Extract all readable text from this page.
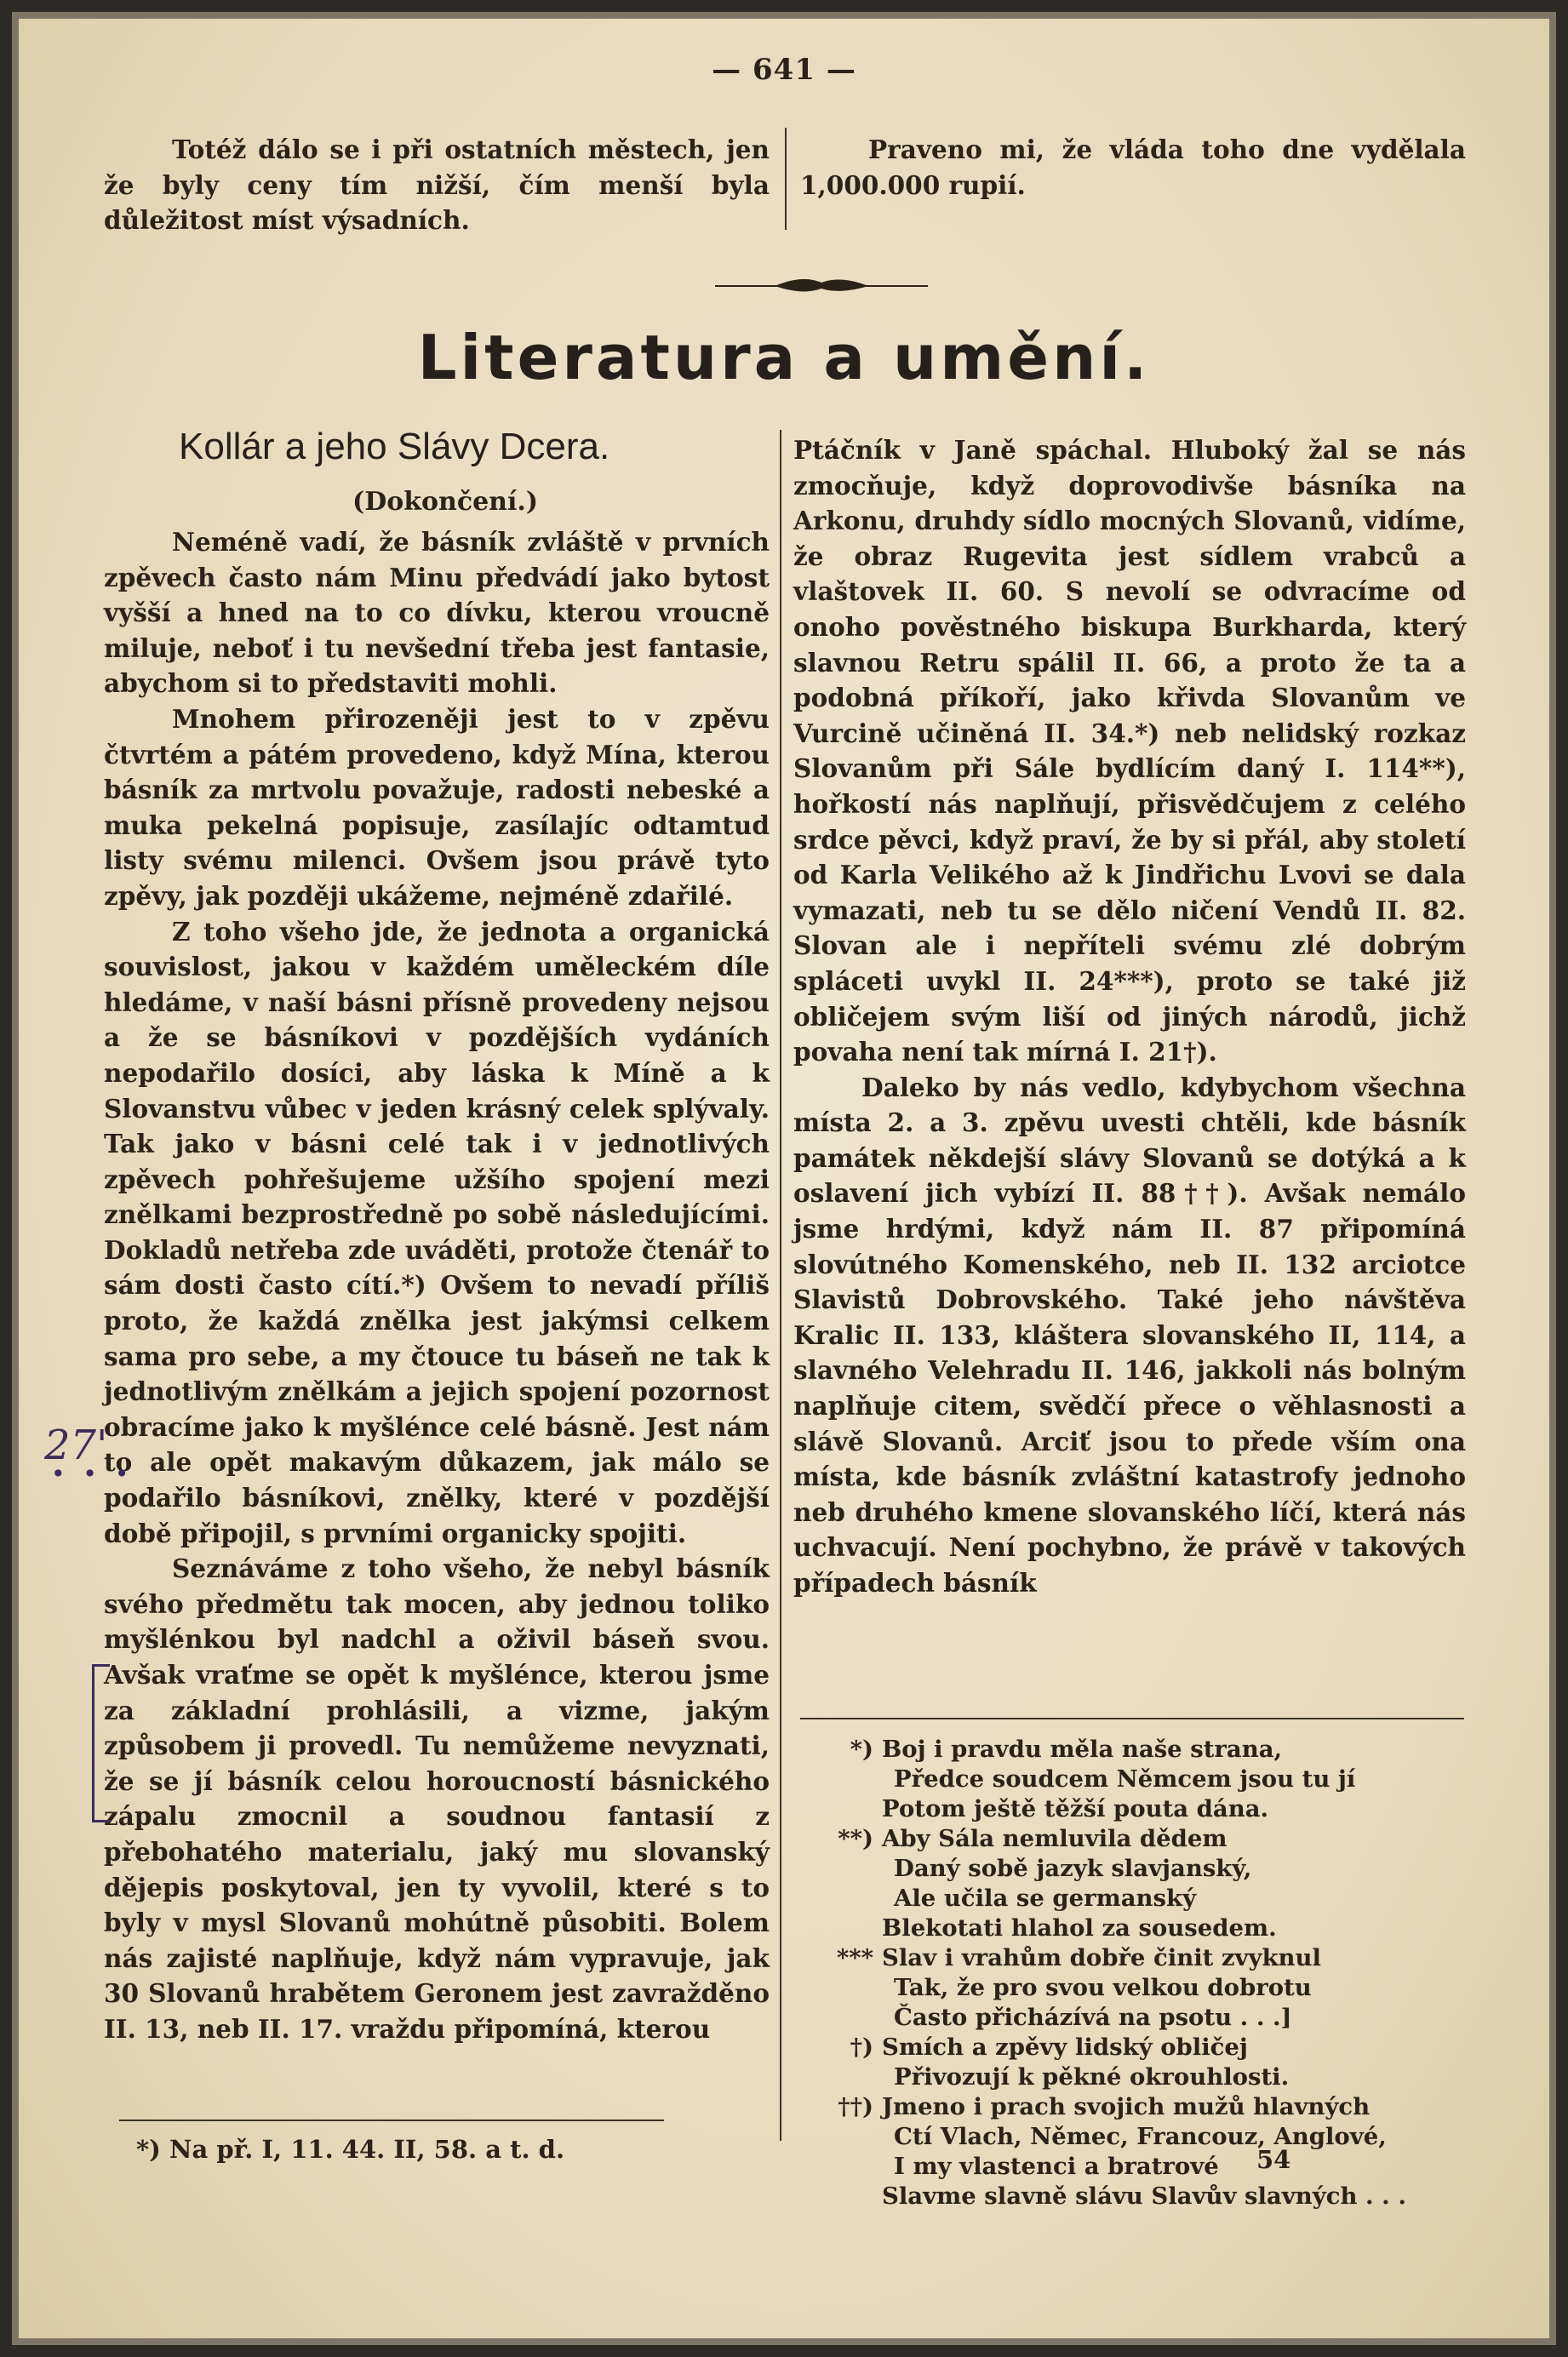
— 641 —

Totéž dálo se i při ostatních městech, jen že byly ceny tím nižší, čím menší byla důležitost míst výsadních.

Praveno mi, že vláda toho dne vydělala 1,000.000 rupií.

Literatura a umění.
Kollár a jeho Slávy Dcera.
(Dokončení.)

Neméně vadí, že básník zvláště v prvních zpěvech často nám Minu předvádí jako bytost vyšší a hned na to co dívku, kterou vroucně miluje, neboť i tu nevšední třeba jest fantasie, abychom si to představiti mohli.

Mnohem přirozeněji jest to v zpěvu čtvrtém a pátém provedeno, když Mína, kterou básník za mrtvolu považuje, radosti nebeské a muka pekelná popisuje, zasílajíc odtamtud listy svému milenci. Ovšem jsou právě tyto zpěvy, jak později ukážeme, nejméně zdařilé.

Z toho všeho jde, že jednota a organická souvislost, jakou v každém uměleckém díle hledáme, v naší básni přísně provedeny nejsou a že se básníkovi v pozdějších vydáních nepodařilo dosíci, aby láska k Míně a k Slovanstvu vůbec v jeden krásný celek splývaly. Tak jako v básni celé tak i v jednotlivých zpěvech pohřešujeme užšího spojení mezi znělkami bezprostředně po sobě následujícími. Dokladů netřeba zde uváděti, protože čtenář to sám dosti často cítí.*) Ovšem to nevadí příliš proto, že každá znělka jest jakýmsi celkem sama pro sebe, a my čtouce tu báseň ne tak k jednotlivým znělkám a jejich spojení pozornost obracíme jako k myšlénce celé básně. Jest nám to ale opět makavým důkazem, jak málo se podařilo básníkovi, znělky, které v pozdější době připojil, s prvními organicky spojiti.

Seznáváme z toho všeho, že nebyl básník svého předmětu tak mocen, aby jednou toliko myšlénkou byl nadchl a oživil báseň svou. Avšak vraťme se opět k myšlénce, kterou jsme za základní prohlásili, a vizme, jakým způsobem ji provedl. Tu nemůžeme nevyznati, že se jí básník celou horoucností básnického zápalu zmocnil a soudnou fantasií z přebohatého materialu, jaký mu slovanský dějepis poskytoval, jen ty vyvolil, které s to byly v mysl Slovanů mohútně působiti. Bolem nás zajisté naplňuje, když nám vypravuje, jak 30 Slovanů hrabětem Geronem jest zavražděno II. 13, neb II. 17. vraždu připomíná, kterou

Ptáčník v Janě spáchal. Hluboký žal se nás zmocňuje, když doprovodivše básníka na Arkonu, druhdy sídlo mocných Slovanů, vidíme, že obraz Rugevita jest sídlem vrabců a vlaštovek II. 60. S nevolí se odvracíme od onoho pověstného biskupa Burkharda, který slavnou Retru spálil II. 66, a proto že ta a podobná příkoří, jako křivda Slovanům ve Vurcině učiněná II. 34.*) neb nelidský rozkaz Slovanům při Sále bydlícím daný I. 114**), hořkostí nás naplňují, přisvědčujem z celého srdce pěvci, když praví, že by si přál, aby století od Karla Velikého až k Jindřichu Lvovi se dala vymazati, neb tu se dělo ničení Vendů II. 82. Slovan ale i nepříteli svému zlé dobrým spláceti uvykl II. 24***), proto se také již obličejem svým liší od jiných národů, jichž povaha není tak mírná I. 21†).

Daleko by nás vedlo, kdybychom všechna místa 2. a 3. zpěvu uvesti chtěli, kde básník památek někdejší slávy Slovanů se dotýká a k oslavení jich vybízí II. 88††). Avšak nemálo jsme hrdými, když nám II. 87 připomíná slovútného Komenského, neb II. 132 arciotce Slavistů Dobrovského. Také jeho návštěva Kralic II. 133, kláštera slovanského II, 114, a slavného Velehradu II. 146, jakkoli nás bolným naplňuje citem, svědčí přece o věhlasnosti a slávě Slovanů. Arciť jsou to přede vším ona místa, kde básník zvláštní katastrofy jednoho neb druhého kmene slovanského líčí, která nás uchvacují. Není pochybno, že právě v takových případech básník

*) Boj i pravdu měla naše strana,
Předce soudcem Němcem jsou tu jí
Potom ještě těžší pouta dána.
**) Aby Sála nemluvila dědem
Daný sobě jazyk slavjanský,
Ale učila se germanský
Blekotati hlahol za sousedem.
*** Slav i vrahům dobře činit zvyknul
Tak, že pro svou velkou dobrotu
Často přicházívá na psotu . . .]
†) Smích a zpěvy lidský obličej
Přivozují k pěkné okrouhlosti.
††) Jmeno i prach svojich mužů hlavných
Ctí Vlach, Němec, Francouz, Anglové,
I my vlastenci a bratrové
Slavme slavně slávu Slavův slavných . . .
*) Na př. I, 11. 44. II, 58. a t. d.	54
27'
• • •
